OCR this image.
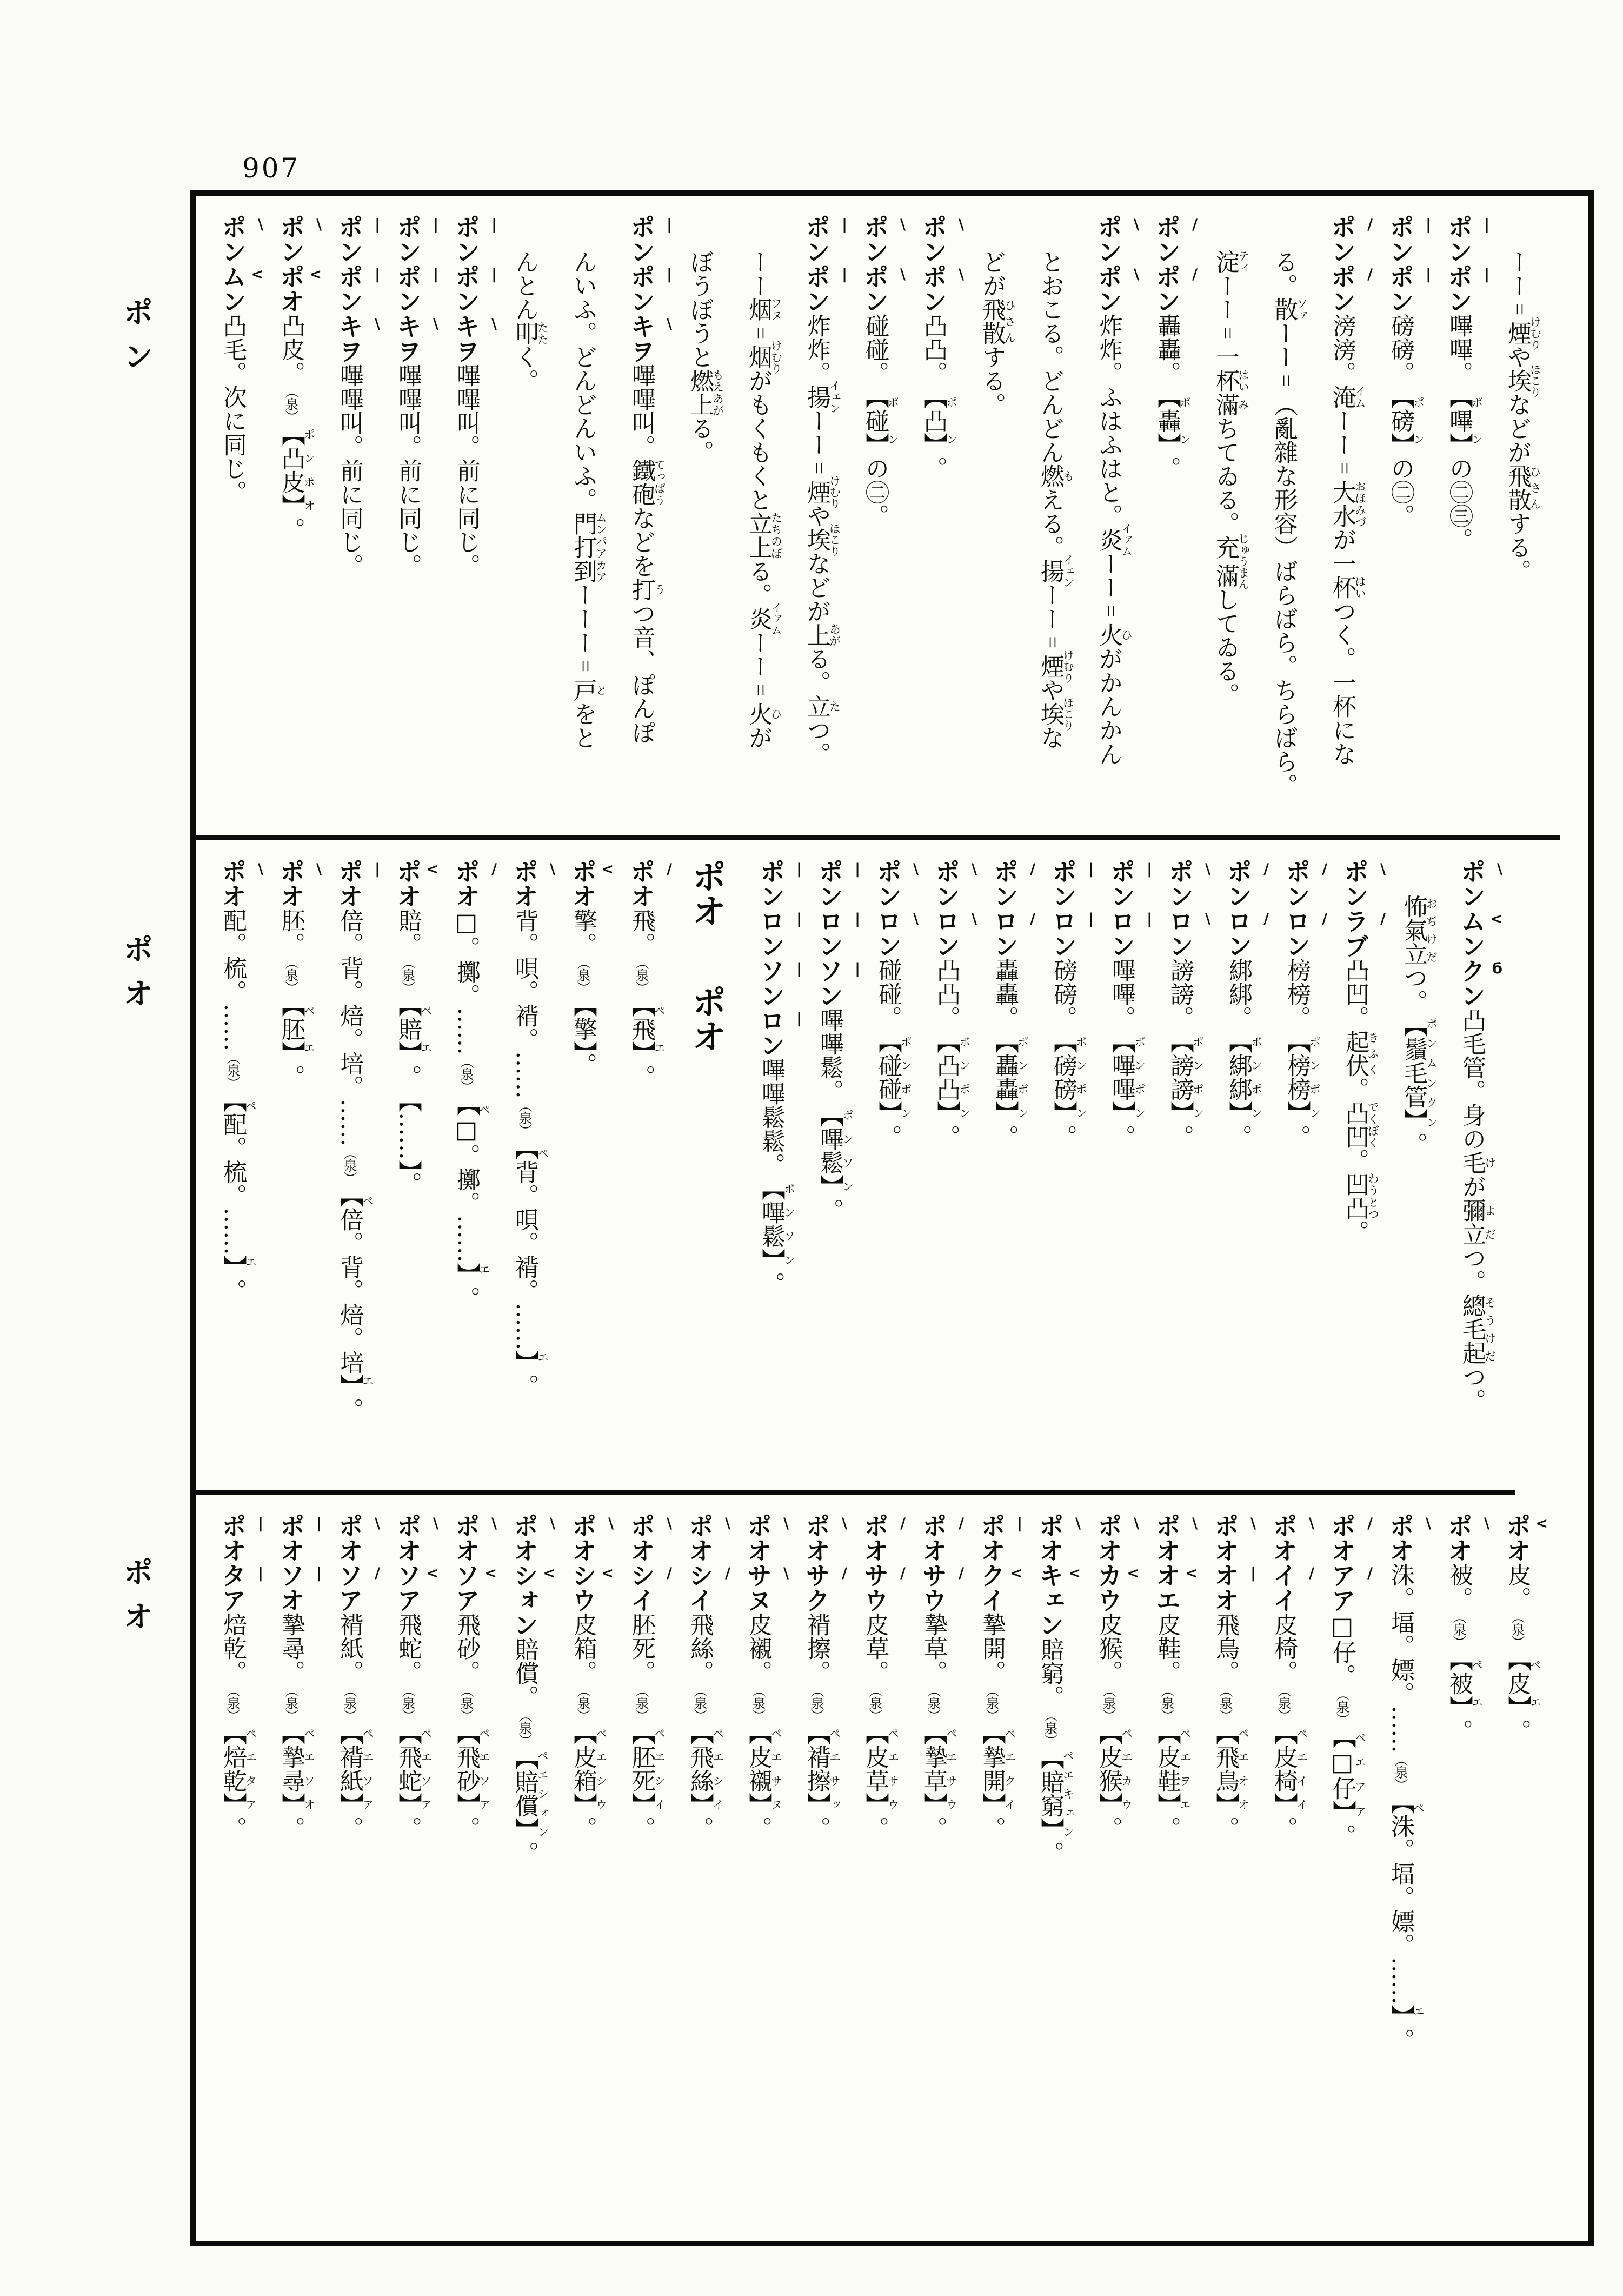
907
ポン
ポオ
ポオ
ーー゠煙けむりや埃ほこりなどが飛散ひさんする。
ポン |
ポン |
嗶嗶。【嗶】ポンの㊁㊂。
ポン |
ポン |
磅磅。【磅】ポンの㊁。
ポン /
ポン /
滂滂。淹イムーー゠大水おほみづが一杯はいつく。一杯にな
る。散ソァーー゠︵亂雜な形容︶ばらばら。ちらばら。
淀ティーー゠一杯はい滿みちてゐる。充滿じゅうまんしてゐる。
ポン /
ポン /
轟轟。【轟】ポン。
ポン \
ポン \
炸炸。ふはふはと。炎イァムーー゠火ひがかんかん
とおこる。どんどん燃もえる。揚イェンーー゠煙けむりや埃ほこりな
どが飛散ひさんする。
ポン \
ポン \
凸凸。【凸】ポン。
ポン \
ポン \
碰碰。【碰】ポンの㊁。
ポン |
ポン |
炸炸。揚イェンーー゠煙けむりや埃ほこりなどが上あがる。立たつ。
ーー烟フヌ゠烟けむりがもくもくと立上たちのぼる。炎イァムーー゠火ひが
ぼうぼうと燃上もえあがる。
ポン |
ポン |
キヲ \
嗶嗶叫。鐵砲てっぱうなどを打うつ音、ぽんぽ
んいふ。どんどんいふ。門打到ムンパアカアーーー゠戸とをと
んとん叩たたく。
ポン |
ポン |
キヲ \
嗶嗶叫。前に同じ。
ポン |
ポン |
キヲ \
嗶嗶叫。前に同じ。
ポン |
ポン |
キヲ \
嗶嗶叫。前に同じ。
ポン \
ポオ <
凸皮。︵泉︶【凸皮】ポンポオ。
ポン \
ムン <
凸毛。次に同じ。
ポン \
ムン <
クン б
凸毛管。身の毛けが彌立よだつ。總毛起そうけだつ。
怖氣立おぢけだつ。【鬚毛管】ポンムンクン。
ポン \
ラブ /
凸凹。起伏きふく。凸凹でくぼく。凹凸わうとつ。
ポン /
ロン /
榜榜。【榜榜】ポンポン。
ポン /
ロン /
綁綁。【綁綁】ポンポン。
ポン \
ロン \
謗謗。【謗謗】ポンポン。
ポン |
ロン |
嗶嗶。【嗶嗶】ポンポン。
ポン |
ロン |
磅磅。【磅磅】ポンポン。
ポン /
ロン /
轟轟。【轟轟】ポンポン。
ポン \
ロン \
凸凸。【凸凸】ポンポン。
ポン \
ロン \
碰碰。【碰碰】ポンポン。
ポン |
ロン |
ソン |
嗶嗶鬆。【嗶鬆】ポンソン。
ポン |
ロン |
ソン |
ロン |
嗶嗶鬆鬆。【嗶鬆】ポンソン。
ポオポオ
ポオ /
飛。︵泉︶【飛】ペエ。
ポオ <
擎。︵泉︶【擎】。
ポオ \
背。唄。褙。……︵泉︶【背。唄。褙。……】ペエ。
ポオ /
□。擲。……︵泉︶【□。擲。……】ペエ。
ポオ <
賠。︵泉︶【賠】ペエ。　【……】。
ポオ |
倍。背。焙。培。……︵泉︶【倍。背。焙。培】ペエ。
ポオ \
胚。︵泉︶【胚】ペエ。
ポオ \
配。梳。……︵泉︶【配。梳。……】ペエ。
ポオ <
皮。︵泉︶【皮】ペエ。
ポオ \
被。︵泉︶【被】ペエ。
ポオ \
洙。堛。嫖。……︵泉︶【洙。堛。嫖。……】ペエ。
ポオ /
アア /
□仔。︵泉︶【□仔】ペエアア。
ポオ \
イイ /
皮椅。︵泉︶【皮椅】ペエイイ。
ポオ \
オオ |
飛鳥。︵泉︶【飛鳥】ペエオオ。
ポオ \
オエ <
皮鞋。︵泉︶【皮鞋】ペエヲエ。
ポオ \
カウ <
皮猴。︵泉︶【皮猴】ペエカウ。
ポオ \
キェン <
賠窮。︵泉︶【賠窮】ペエキェン。
ポオ |
クイ <
摯開。︵泉︶【摯開】ペエクイ。
ポオ /
サウ /
摯草。︵泉︶【摯草】ペエサウ。
ポオ /
サウ /
皮草。︵泉︶【皮草】ペエサウ。
ポオ \
サク /
褙擦。︵泉︶【褙擦】ペエサッ。
ポオ \
サヌ \
皮襯。︵泉︶【皮襯】ペエサヌ。
ポオ \
シイ /
飛絲。︵泉︶【飛絲】ペエシイ。
ポオ \
シイ /
胚死。︵泉︶【胚死】ペエシイ。
ポオ \
シウ <
皮箱。︵泉︶【皮箱】ペエシウ。
ポオ \
シォン <
賠償。︵泉︶【賠償】ペエシォン。
ポオ \
ソア <
飛砂。︵泉︶【飛砂】ペエソア。
ポオ \
ソア <
飛蛇。︵泉︶【飛蛇】ペエソア。
ポオ \
ソア /
褙紙。︵泉︶【褙紙】ペエソア。
ポオ |
ソオ |
摯尋。︵泉︶【摯尋】ペエソオ。
ポオ |
タア |
焙乾。︵泉︶【焙乾】ペエタア。
